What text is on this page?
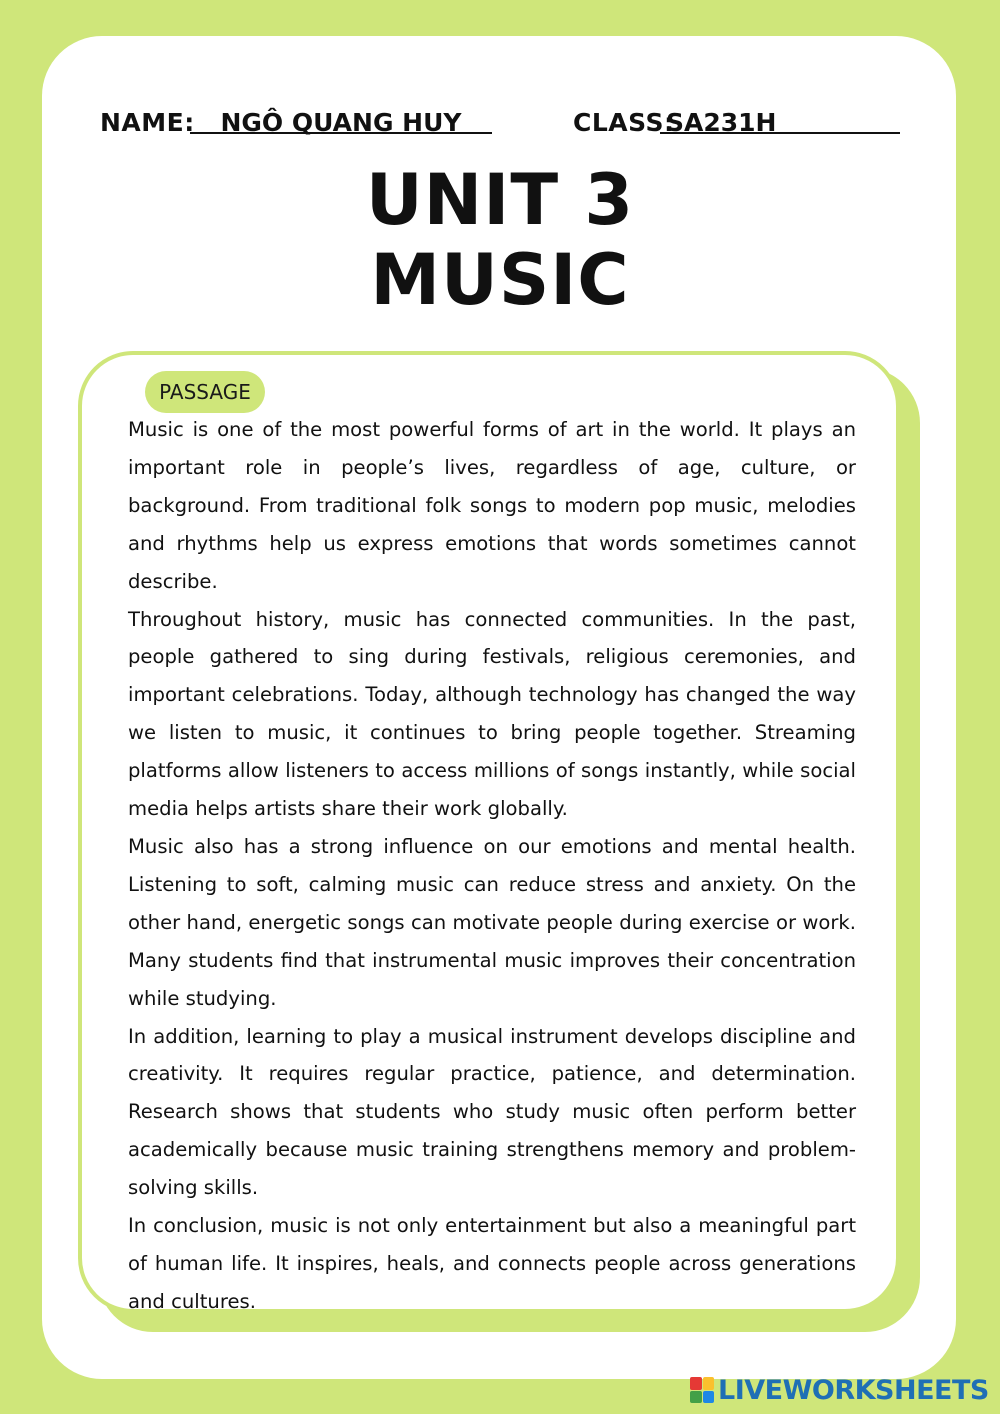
NAME:	NGÔ QUANG HUY	CLASS:
SA231H
UNIT 3
MUSIC
PASSAGE

Music is one of the most powerful forms of art in the world. It plays an important role in people’s lives, regardless of age, culture, or background. From traditional folk songs to modern pop music, melodies and rhythms help us express emotions that words sometimes cannot describe.

Throughout history, music has connected communities. In the past, people gathered to sing during festivals, religious ceremonies, and important celebrations. Today, although technology has changed the way we listen to music, it continues to bring people together. Streaming platforms allow listeners to access millions of songs instantly, while social media helps artists share their work globally.

Music also has a strong influence on our emotions and mental health. Listening to soft, calming music can reduce stress and anxiety. On the other hand, energetic songs can motivate people during exercise or work. Many students find that instrumental music improves their concentration while studying.

In addition, learning to play a musical instrument develops discipline and creativity. It requires regular practice, patience, and determination. Research shows that students who study music often perform better academically because music training strengthens memory and problem-solving skills.

In conclusion, music is not only entertainment but also a meaningful part of human life. It inspires, heals, and connects people across generations and cultures.

LIVEWORKSHEETS
